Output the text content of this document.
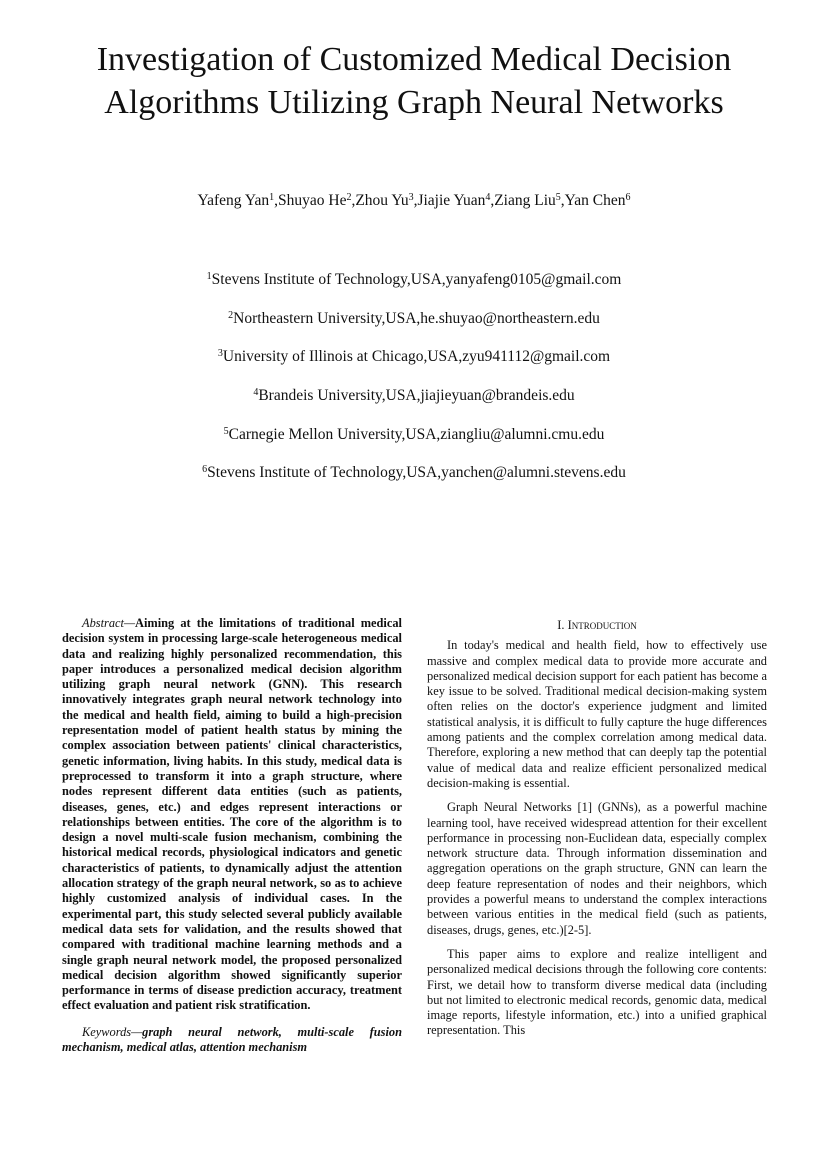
Investigation of Customized Medical Decision
Algorithms Utilizing Graph Neural Networks
Yafeng Yan$^1$,Shuyao He$^2$,Zhou Yu$^3$,Jiajie Yuan$^4$,Ziang Liu$^5$,Yan Chen$^6$
$^1$Stevens Institute of Technology,USA,yanyafeng0105@gmail.com
$^2$Northeastern University,USA,he.shuyao@northeastern.edu
$^3$University of Illinois at Chicago,USA,zyu941112@gmail.com
$^4$Brandeis University,USA,jiajieyuan@brandeis.edu
$^5$Carnegie Mellon University,USA,ziangliu@alumni.cmu.edu
$^6$Stevens Institute of Technology,USA,yanchen@alumni.stevens.edu

Abstract—Aiming at the limitations of traditional medical decision system in processing large-scale heterogeneous medical data and realizing highly personalized recommendation, this paper introduces a personalized medical decision algorithm utilizing graph neural network (GNN). This research innovatively integrates graph neural network technology into the medical and health field, aiming to build a high-precision representation model of patient health status by mining the complex association between patients' clinical characteristics, genetic information, living habits. In this study, medical data is preprocessed to transform it into a graph structure, where nodes represent different data entities (such as patients, diseases, genes, etc.) and edges represent interactions or relationships between entities. The core of the algorithm is to design a novel multi-scale fusion mechanism, combining the historical medical records, physiological indicators and genetic characteristics of patients, to dynamically adjust the attention allocation strategy of the graph neural network, so as to achieve highly customized analysis of individual cases. In the experimental part, this study selected several publicly available medical data sets for validation, and the results showed that compared with traditional machine learning methods and a single graph neural network model, the proposed personalized medical decision algorithm showed significantly superior performance in terms of disease prediction accuracy, treatment effect evaluation and patient risk stratification.

Keywords—graph neural network, multi-scale fusion mechanism, medical atlas, attention mechanism

I. Introduction

In today's medical and health field, how to effectively use massive and complex medical data to provide more accurate and personalized medical decision support for each patient has become a key issue to be solved. Traditional medical decision-making system often relies on the doctor's experience judgment and limited statistical analysis, it is difficult to fully capture the huge differences among patients and the complex correlation among medical data. Therefore, exploring a new method that can deeply tap the potential value of medical data and realize efficient personalized medical decision-making is essential.

Graph Neural Networks [1] (GNNs), as a powerful machine learning tool, have received widespread attention for their excellent performance in processing non-Euclidean data, especially complex network structure data. Through information dissemination and aggregation operations on the graph structure, GNN can learn the deep feature representation of nodes and their neighbors, which provides a powerful means to understand the complex interactions between various entities in the medical field (such as patients, diseases, drugs, genes, etc.)[2-5].

This paper aims to explore and realize intelligent and personalized medical decisions through the following core contents: First, we detail how to transform diverse medical data (including but not limited to electronic medical records, genomic data, medical image reports, lifestyle information, etc.) into a unified graphical representation. This
